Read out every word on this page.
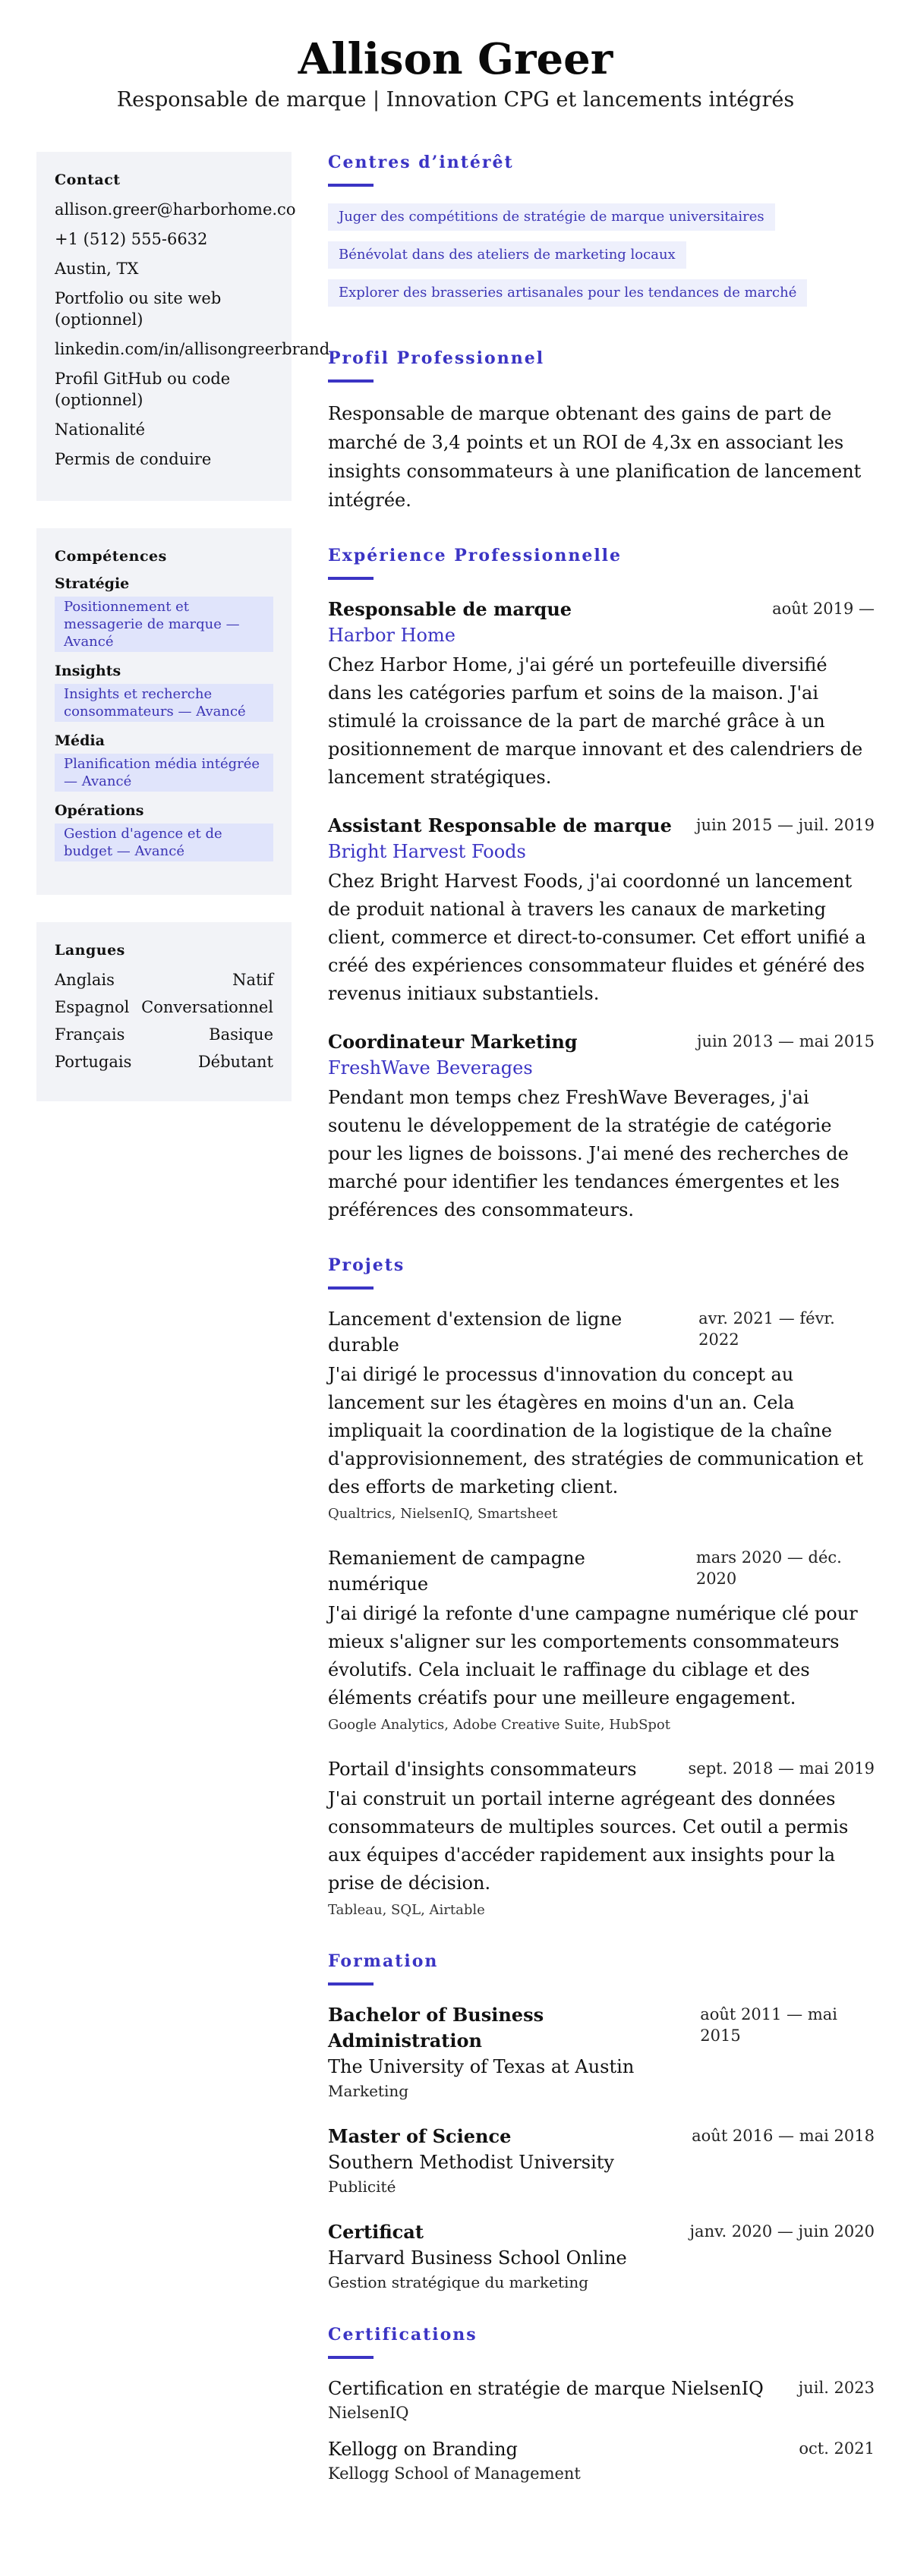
Allison Greer
Responsable de marque | Innovation CPG et lancements intégrés
Contact
allison.greer@harborhome.co
+1 (512) 555-6632
Austin, TX
Portfolio ou site web (optionnel)
linkedin.com/in/allisongreerbrand
Profil GitHub ou code (optionnel)
Nationalité
Permis de conduire
Compétences
Stratégie
Positionnement et messagerie de marque — Avancé
Insights
Insights et recherche consommateurs — Avancé
Média
Planification média intégrée — Avancé
Opérations
Gestion d'agence et de budget — Avancé
Langues
Anglais	Natif
Espagnol Conversationnel
Français	Basique
Portugais	Débutant
Centres d’intérêt
Juger des compétitions de stratégie de marque universitaires
Bénévolat dans des ateliers de marketing locaux
Explorer des brasseries artisanales pour les tendances de marché
Profil Professionnel

Responsable de marque obtenant des gains de part de marché de 3,4 points et un ROI de 4,3x en associant les insights consommateurs à une planification de lancement intégrée.

Expérience Professionnelle
Responsable de marque	août 2019 —
Harbor Home

Chez Harbor Home, j'ai géré un portefeuille diversifié dans les catégories parfum et soins de la maison. J'ai stimulé la croissance de la part de marché grâce à un positionnement de marque innovant et des calendriers de lancement stratégiques.

Assistant Responsable de marque juin 2015 — juil. 2019
Bright Harvest Foods

Chez Bright Harvest Foods, j'ai coordonné un lancement de produit national à travers les canaux de marketing client, commerce et direct-to-consumer. Cet effort unifié a créé des expériences consommateur fluides et généré des revenus initiaux substantiels.

Coordinateur Marketing	juin 2013 — mai 2015
FreshWave Beverages

Pendant mon temps chez FreshWave Beverages, j'ai soutenu le développement de la stratégie de catégorie pour les lignes de boissons. J'ai mené des recherches de marché pour identifier les tendances émergentes et les préférences des consommateurs.

Projets
Lancement d'extension de ligne durable
avr. 2021 — févr. 2022

J'ai dirigé le processus d'innovation du concept au lancement sur les étagères en moins d'un an. Cela impliquait la coordination de la logistique de la chaîne d'approvisionnement, des stratégies de communication et des efforts de marketing client.

Qualtrics, NielsenIQ, Smartsheet
Remaniement de campagne numérique
mars 2020 — déc. 2020

J'ai dirigé la refonte d'une campagne numérique clé pour mieux s'aligner sur les comportements consommateurs évolutifs. Cela incluait le raffinage du ciblage et des éléments créatifs pour une meilleure engagement.

Google Analytics, Adobe Creative Suite, HubSpot
Portail d'insights consommateurs	sept. 2018 — mai 2019

J'ai construit un portail interne agrégeant des données consommateurs de multiples sources. Cet outil a permis aux équipes d'accéder rapidement aux insights pour la prise de décision.

Tableau, SQL, Airtable
Formation
Bachelor of Business Administration
août 2011 — mai 2015
The University of Texas at Austin
Marketing
Master of Science	août 2016 — mai 2018
Southern Methodist University
Publicité
Certificat	janv. 2020 — juin 2020
Harvard Business School Online
Gestion stratégique du marketing
Certifications
Certification en stratégie de marque NielsenIQ juil. 2023
NielsenIQ
Kellogg on Branding	oct. 2021
Kellogg School of Management
